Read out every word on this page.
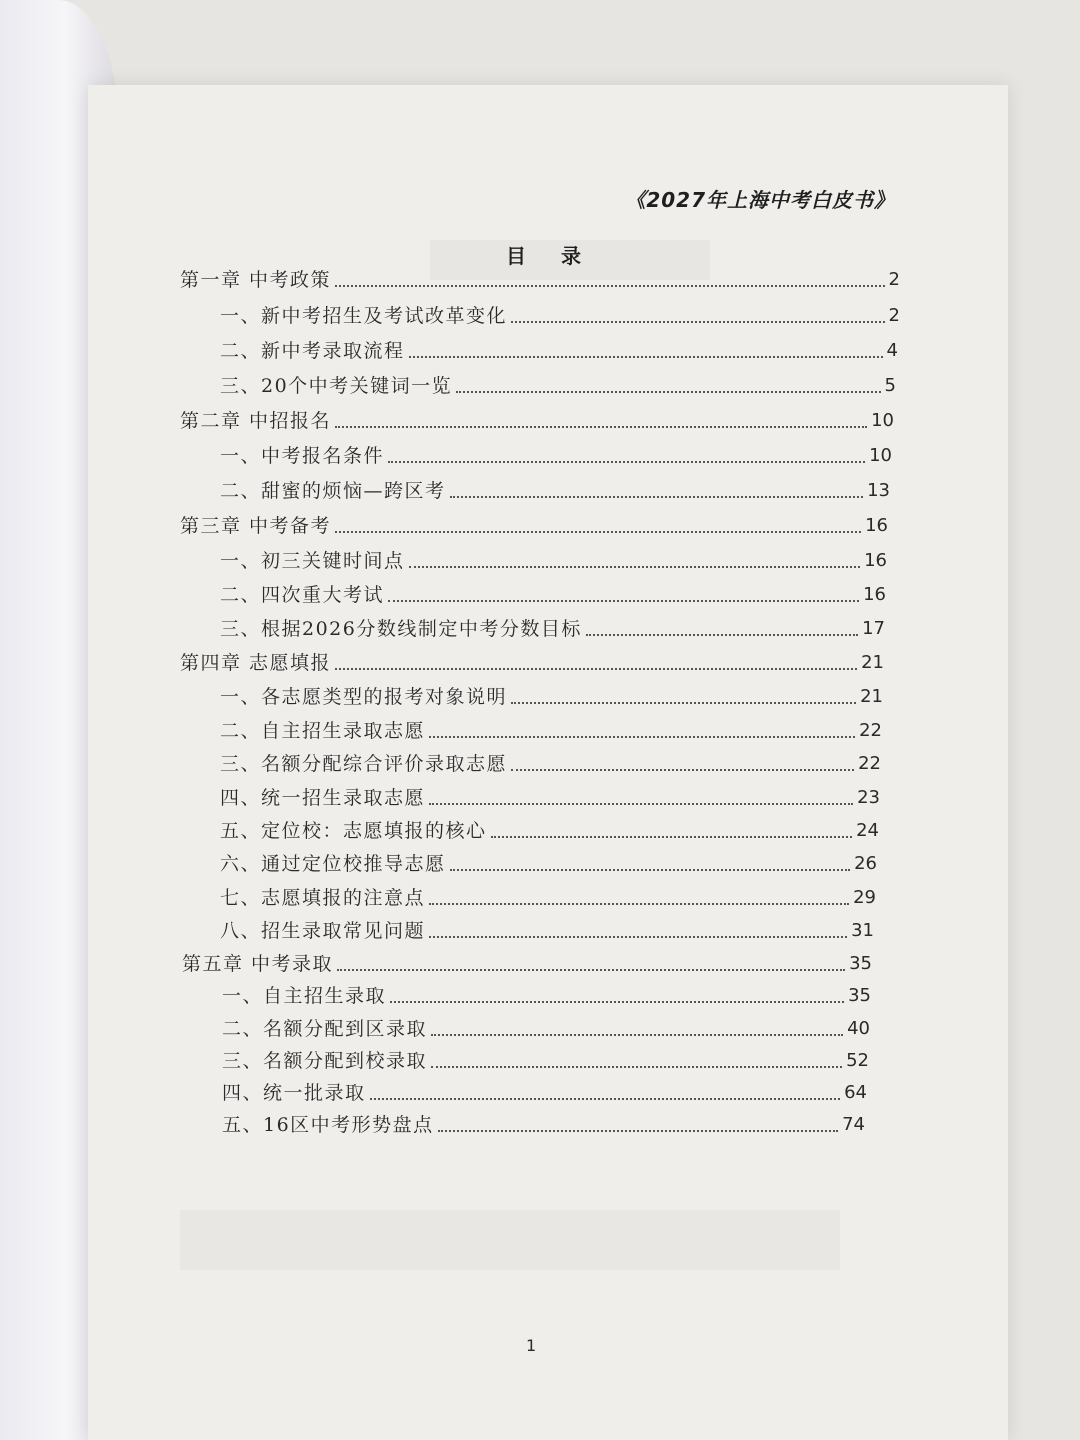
《2027年上海中考白皮书》

目 录

第一章 中考政策	2
一、新中考招生及考试改革变化	2
二、新中考录取流程	4
三、20个中考关键词一览	5
第二章 中招报名	10
一、中考报名条件	10
二、甜蜜的烦恼—跨区考	13
第三章 中考备考	16
一、初三关键时间点	16
二、四次重大考试	16
三、根据2026分数线制定中考分数目标	17
第四章 志愿填报	21
一、各志愿类型的报考对象说明	21
二、自主招生录取志愿	22
三、名额分配综合评价录取志愿	22
四、统一招生录取志愿	23
五、定位校：志愿填报的核心	24
六、通过定位校推导志愿	26
七、志愿填报的注意点	29
八、招生录取常见问题	31
第五章 中考录取	35
一、自主招生录取	35
二、名额分配到区录取	40
三、名额分配到校录取	52
四、统一批录取	64
五、16区中考形势盘点	74

1
